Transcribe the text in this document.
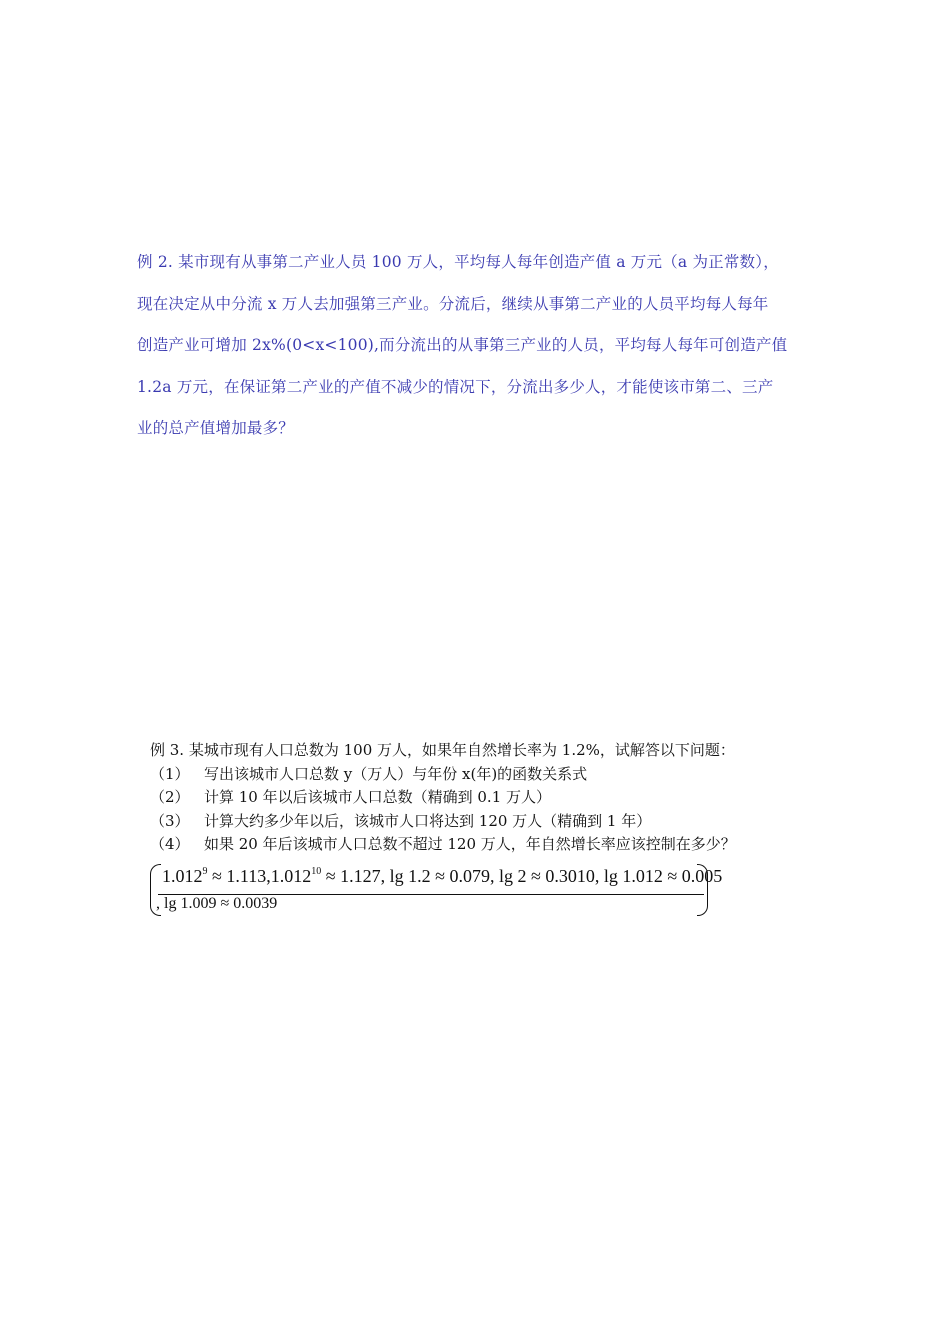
例 2. 某市现有从事第二产业人员 100 万人，平均每人每年创造产值 a 万元（a 为正常数），
现在决定从中分流 x 万人去加强第三产业。分流后，继续从事第二产业的人员平均每人每年
创造产业可增加 2x%(0<x<100),而分流出的从事第三产业的人员，平均每人每年可创造产值
1.2a 万元，在保证第二产业的产值不减少的情况下，分流出多少人，才能使该市第二、三产
业的总产值增加最多？
例 3. 某城市现有人口总数为 100 万人，如果年自然增长率为 1.2%，试解答以下问题：
（1） 写出该城市人口总数 y（万人）与年份 x(年)的函数关系式
（2） 计算 10 年以后该城市人口总数（精确到 0.1 万人）
（3） 计算大约多少年以后，该城市人口将达到 120 万人（精确到 1 年）
（4） 如果 20 年后该城市人口总数不超过 120 万人，年自然增长率应该控制在多少？
$1.012^9 \approx 1.113,1.012^{10} \approx 1.127$, lg 1.2 ≈ 0.079, lg 2 ≈ 0.3010, lg 1.012 ≈ 0.005
, lg 1.009 ≈ 0.0039
